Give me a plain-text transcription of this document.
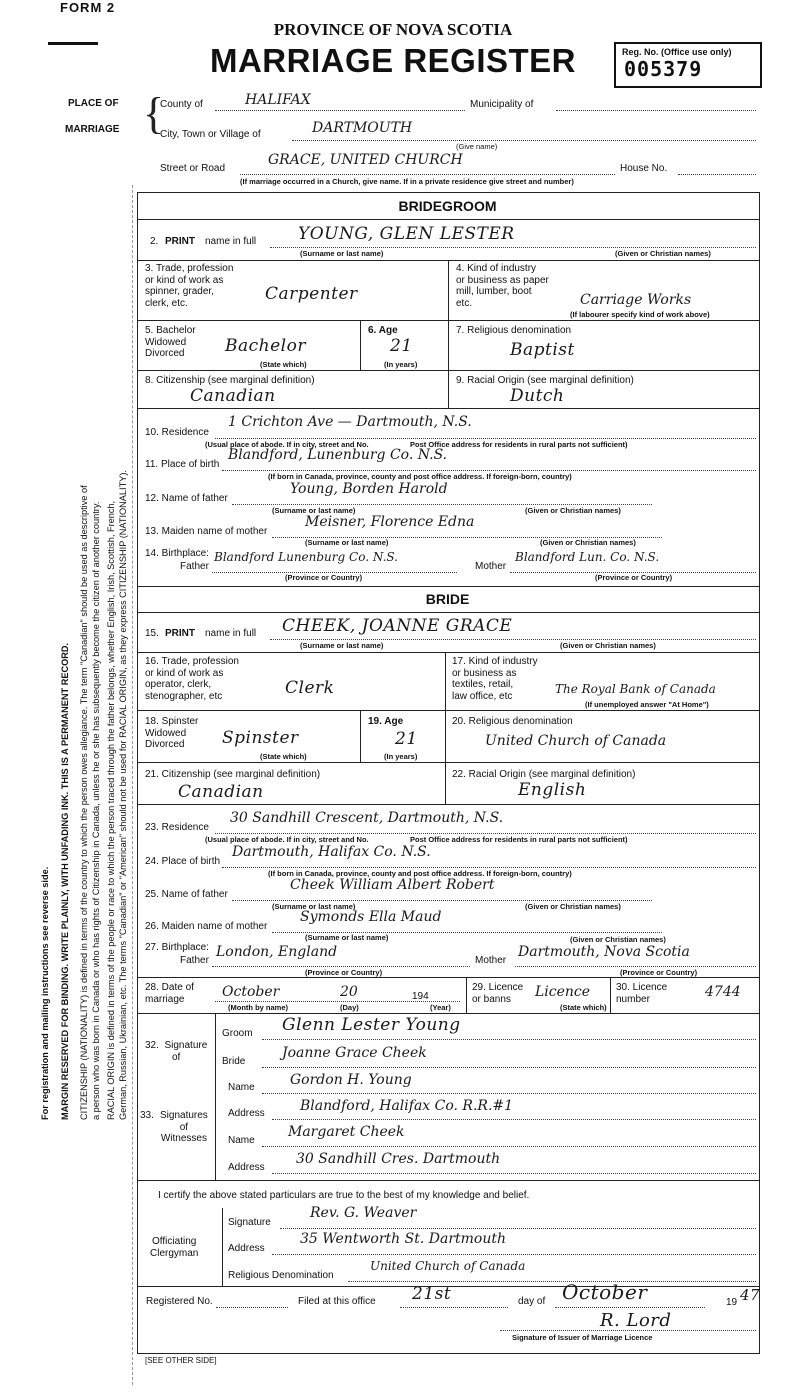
For registration and mailing instructions see reverse side. MARGIN RESERVED FOR BINDING. WRITE PLAINLY, WITH UNFADING INK. THIS IS A PERMANENT RECORD. CITIZENSHIP (NATIONALITY) is defined in terms of the country to which the person owes allegiance. The term "Canadian" should be used as descriptive of a person who was born in Canada or who has rights of Citizenship in Canada, unless he or she has subsequently become the citizen of another country. RACIAL ORIGIN is defined in terms of the people or race to which the person traced through the father belongs, whether English, Irish, Scottish, French, German, Russian, Ukrainian, etc. The terms "Canadian" or "American" should not be used for RACIAL ORIGIN, as they express CITIZENSHIP (NATIONALITY).
FORM 2
PROVINCE OF NOVA SCOTIA
MARRIAGE REGISTER	Reg. No. (Office use only)
005379
PLACE OF
MARRIAGE {
County of	HALIFAX	Municipality of
City, Town or Village of	DARTMOUTH
(Give name)
Street or Road
GRACE, UNITED CHURCH
House No.
(If marriage occurred in a Church, give name. If in a private residence give street and number)
BRIDEGROOM
2. PRINT name in full YOUNG, GLEN LESTER
(Surname or last name)	(Given or Christian names)
3. Trade, profession
or kind of work as
spinner, grader,
clerk, etc.	Carpenter
4. Kind of industry
or business as paper
mill, lumber, boot
etc.	Carriage Works
(If labourer specify kind of work above)
5. Bachelor
Widowed
Divorced	Bachelor
(State which)
6. Age
21
(In years)
7. Religious denomination
Baptist
8. Citizenship (see marginal definition)
Canadian
9. Racial Origin (see marginal definition)
Dutch
10. Residence
1 Crichton Ave — Dartmouth, N.S.
(Usual place of abode. If in city, street and No.	Post Office address for residents in rural parts not sufficient)
11. Place of birth
Blandford, Lunenburg Co. N.S.
(If born in Canada, province, county and post office address. If foreign-born, country)
12. Name of father
Young, Borden Harold
(Surname or last name)	(Given or Christian names)
13. Maiden name of mother
Meisner, Florence Edna
(Surname or last name)	(Given or Christian names)
14. Birthplace:
Father
Blandford Lunenburg Co. N.S.
Mother
Blandford Lun. Co. N.S.
(Province or Country)	(Province or Country)
BRIDE
15. PRINT name in full CHEEK, JOANNE GRACE
(Surname or last name)	(Given or Christian names)
16. Trade, profession
or kind of work as
operator, clerk,
stenographer, etc	Clerk
17. Kind of industry
or business as
textiles, retail,
law office, etc	The Royal Bank of Canada
(If unemployed answer "At Home")
18. Spinster
Widowed
Divorced	Spinster
(State which)
19. Age
21
(In years)
20. Religious denomination
United Church of Canada
21. Citizenship (see marginal definition)
Canadian
22. Racial Origin (see marginal definition)
English
23. Residence
30 Sandhill Crescent, Dartmouth, N.S.
(Usual place of abode. If in city, street and No.	Post Office address for residents in rural parts not sufficient)
24. Place of birth
Dartmouth, Halifax Co. N.S.
(If born in Canada, province, county and post office address. If foreign-born, country)
25. Name of father
Cheek William Albert Robert
(Surname or last name)	(Given or Christian names)
26. Maiden name of mother
Symonds Ella Maud
(Surname or last name)	(Given or Christian names)
27. Birthplace:
Father
London, England
Mother
Dartmouth, Nova Scotia
(Province or Country)	(Province or Country)
28. Date of
marriage	October	20	194
(Month by name)	(Day)	(Year)
29. Licence
or banns	Licence
(State which)
30. Licence
number	4744
32.  Signature
of
Groom Glenn Lester Young
Bride
Joanne Grace Cheek
33. Signatures
of
Witnesses
Name	Gordon H. Young
Address	Blandford, Halifax Co. R.R.#1
Name
Margaret Cheek
Address
30 Sandhill Cres. Dartmouth
I certify the above stated particulars are true to the best of my knowledge and belief.
Officiating
Clergyman
Signature
Rev. G. Weaver
Address
35 Wentworth St. Dartmouth
Religious Denomination
United Church of Canada
Registered No.	Filed at this office 21st	day of October	19 47
R. Lord
Signature of Issuer of Marriage Licence
[SEE OTHER SIDE]
